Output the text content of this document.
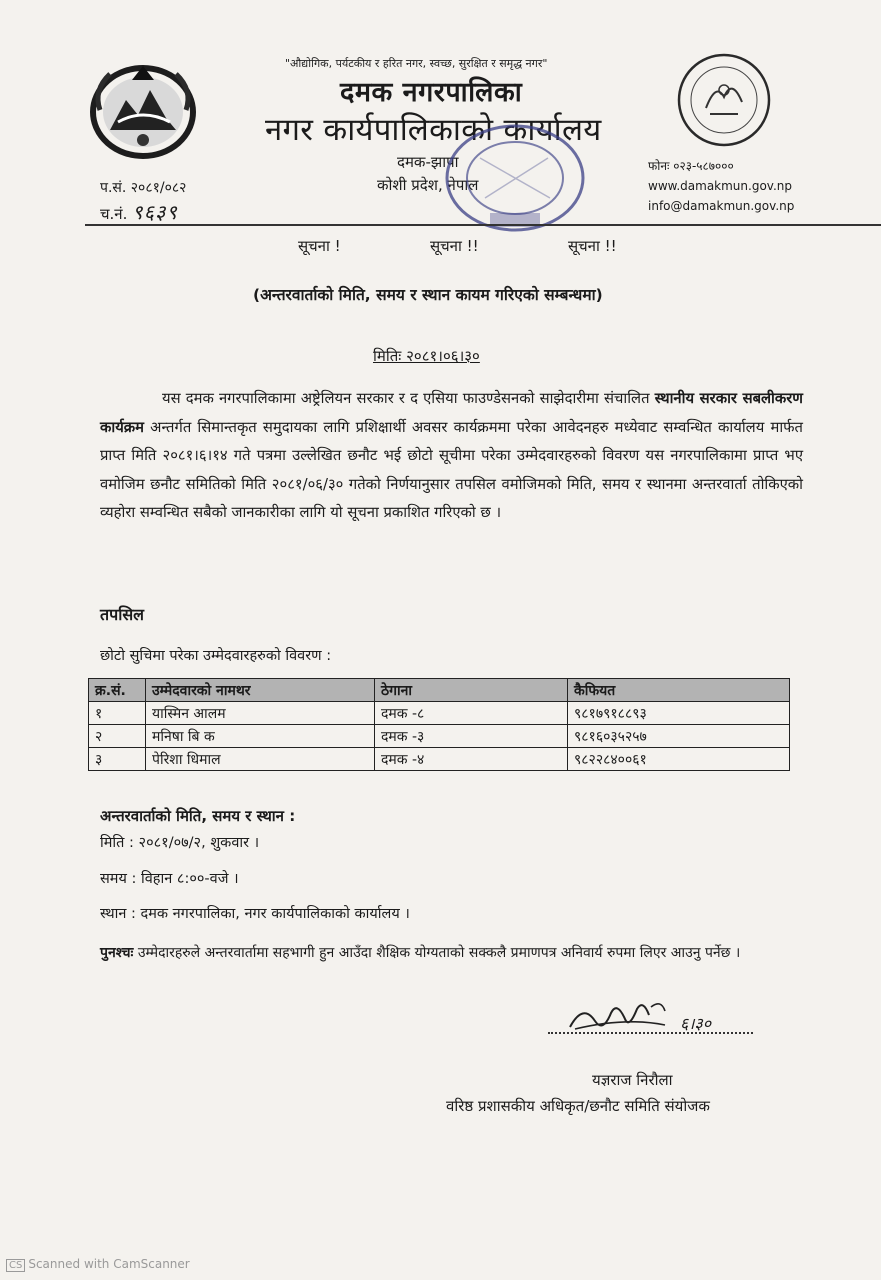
"औद्योगिक, पर्यटकीय र हरित नगर, स्वच्छ, सुरक्षित र समृद्ध नगर"
दमक नगरपालिका
नगर कार्यपालिकाको कार्यालय
दमक-झापा
कोशी प्रदेश, नेपाल
प.सं. २०८१/०८२
च.नं. ९६३९
फोनः ०२३-५८७०००
www.damakmun.gov.np
info@damakmun.gov.np
सूचना !	सूचना !!	सूचना !!
(अन्तरवार्ताको मिति, समय र स्थान कायम गरिएको सम्बन्धमा)
मितिः २०८१।०६।३०
यस दमक नगरपालिकामा अष्ट्रेलियन सरकार र द एसिया फाउण्डेसनको साझेदारीमा संचालित स्थानीय सरकार सबलीकरण कार्यक्रम अन्तर्गत सिमान्तकृत समुदायका लागि प्रशिक्षार्थी अवसर कार्यक्रममा परेका आवेदनहरु मध्येवाट सम्वन्धित कार्यालय मार्फत प्राप्त मिति २०८१।६।१४ गते पत्रमा उल्लेखित छनौट भई छोटो सूचीमा परेका उम्मेदवारहरुको विवरण यस नगरपालिकामा प्राप्त भए वमोजिम छनौट समितिको मिति २०८१/०६/३० गतेको निर्णयानुसार तपसिल वमोजिमको मिति, समय र स्थानमा अन्तरवार्ता तोकिएको व्यहोरा सम्वन्धित सबैको जानकारीका लागि यो सूचना प्रकाशित गरिएको छ ।
तपसिल
छोटो सुचिमा परेका उम्मेदवारहरुको विवरण :
क्र.सं.	उम्मेदवारको नामथर	ठेगाना	कैफियत
१	यास्मिन आलम	दमक -८	९८१७९१८८९३
२	मनिषा बि क	दमक -३	९८१६०३५२५७
३	पेरिशा धिमाल	दमक -४	९८२२८४००६१
अन्तरवार्ताको मिति, समय र स्थान :
मिति : २०८१/०७/२, शुकवार ।
समय : विहान ८:००-वजे ।
स्थान : दमक नगरपालिका, नगर कार्यपालिकाको कार्यालय ।
पुनश्चः उम्मेदारहरुले अन्तरवार्तामा सहभागी हुन आउँदा शैक्षिक योग्यताको सक्कलै प्रमाणपत्र अनिवार्य रुपमा लिएर आउनु पर्नेछ ।
६।३०
यज्ञराज निरौला
वरिष्ठ प्रशासकीय अधिकृत/छनौट समिति संयोजक
CS Scanned with CamScanner
